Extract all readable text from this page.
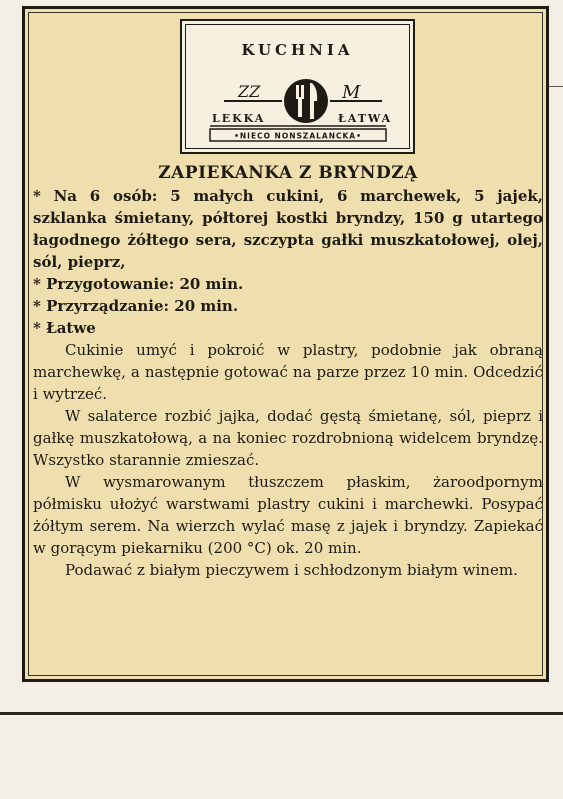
KUCHNIA
ZZ	M
LEKKA	ŁATWA
•NIECO NONSZALANCKA•
ZAPIEKANKA Z BRYNDZĄ

* Na 6 osób: 5 małych cukini, 6 marchewek, 5 jajek, szklanka śmietany, półtorej kostki bryndzy, 150 g utartego łagodnego żółtego sera, szczypta gałki muszkatołowej, olej, sól, pieprz,

* Przygotowanie: 20 min.

* Przyrządzanie: 20 min.

* Łatwe

Cukinie umyć i pokroić w plastry, podobnie jak obraną marchewkę, a następnie gotować na parze przez 10 min. Odcedzić i wytrzeć.

W salaterce rozbić jajka, dodać gęstą śmietanę, sól, pieprz i gałkę muszkatołową, a na koniec rozdrobnioną widelcem bryndzę. Wszystko starannie zmieszać.

W wysmarowanym tłuszczem płaskim, żaroodpornym półmisku ułożyć warstwami plastry cukini i marchewki. Posypać żółtym serem. Na wierzch wylać masę z jajek i bryndzy. Zapiekać w gorącym piekarniku (200 °C) ok. 20 min.

Podawać z białym pieczywem i schłodzonym białym winem.
